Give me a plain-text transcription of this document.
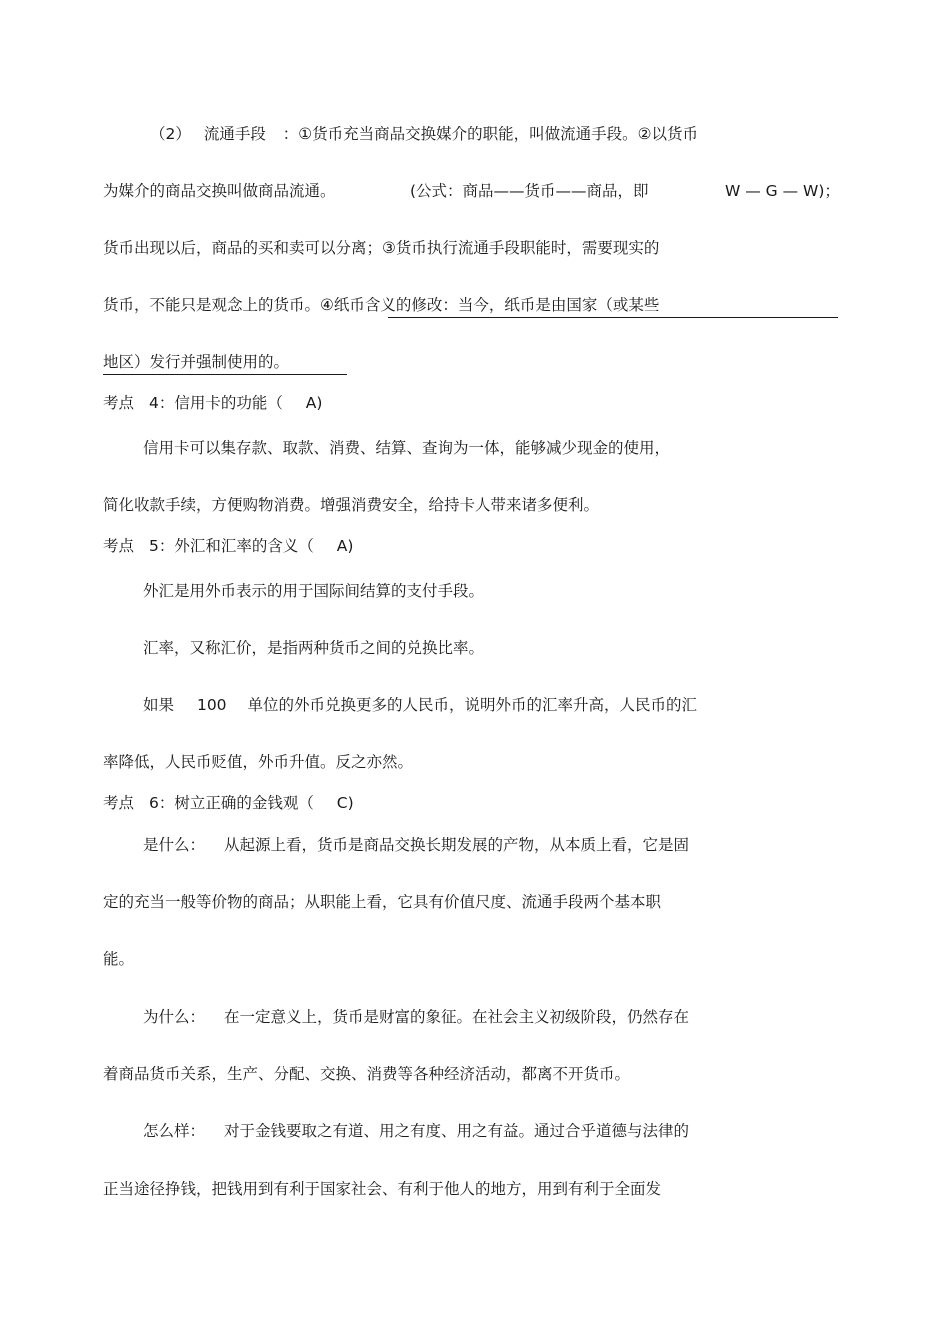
（2） 流通手段 ：①货币充当商品交换媒介的职能，叫做流通手段。②以货币
为媒介的商品交换叫做商品流通。	(公式：商品——货币——商品，即	W — G — W)；
货币出现以后，商品的买和卖可以分离；③货币执行流通手段职能时，需要现实的
货币，不能只是观念上的货币。④纸币含义的修改：当今，纸币是由国家（或某些
地区）发行并强制使用的。
考点 4：信用卡的功能（ A)
信用卡可以集存款、取款、消费、结算、查询为一体，能够减少现金的使用，
简化收款手续，方便购物消费。增强消费安全，给持卡人带来诸多便利。
考点 5：外汇和汇率的含义（ A)
外汇是用外币表示的用于国际间结算的支付手段。
汇率，又称汇价，是指两种货币之间的兑换比率。
如果 100 单位的外币兑换更多的人民币，说明外币的汇率升高，人民币的汇
率降低，人民币贬值，外币升值。反之亦然。
考点 6：树立正确的金钱观（ C)
是什么： 从起源上看，货币是商品交换长期发展的产物，从本质上看，它是固
定的充当一般等价物的商品；从职能上看，它具有价值尺度、流通手段两个基本职
能。
为什么： 在一定意义上，货币是财富的象征。在社会主义初级阶段，仍然存在
着商品货币关系，生产、分配、交换、消费等各种经济活动，都离不开货币。
怎么样： 对于金钱要取之有道、用之有度、用之有益。通过合乎道德与法律的
正当途径挣钱，把钱用到有利于国家社会、有利于他人的地方，用到有利于全面发
